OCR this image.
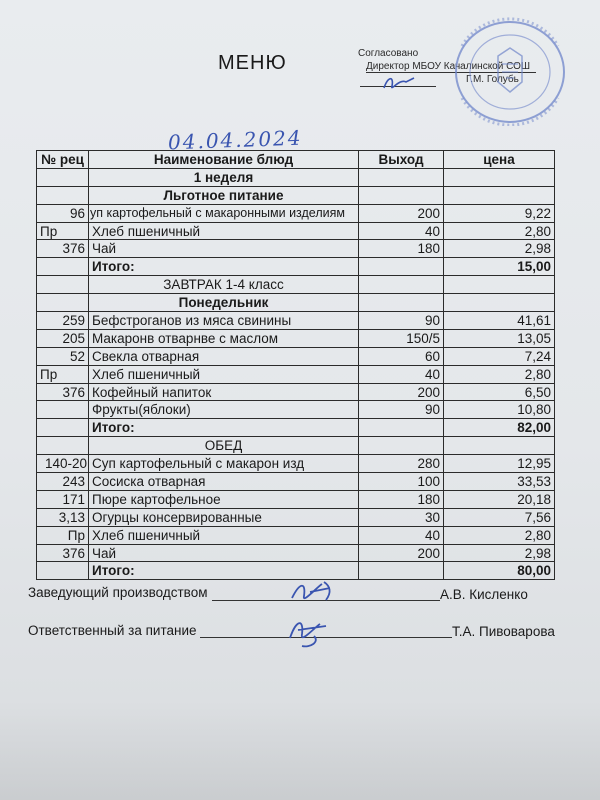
МЕНЮ	Согласовано
Директор МБОУ Качалинской СОШ
Г.М. Голубь
04.04.2024
№ рец	Наименование блюд	Выход	цена
	1 неделя		
	Льготное питание		
96	уп картофельный с макаронными изделиям	200	9,22
Пр	Хлеб пшеничный	40	2,80
376	Чай	180	2,98
	Итого:		15,00
	ЗАВТРАК 1-4 класс		
	Понедельник		
259	Бефстроганов из мяса свинины	90	41,61
205	Макаронв отварнве с маслом	150/5	13,05
52	Свекла отварная	60	7,24
Пр	Хлеб пшеничный	40	2,80
376	Кофейный напиток	200	6,50
	Фрукты(яблоки)	90	10,80
	Итого:		82,00
	ОБЕД		
140-20	Суп картофельный с макарон изд	280	12,95
243	Сосиска отварная	100	33,53
171	Пюре картофельное	180	20,18
3,13	Огурцы консервированные	30	7,56
Пр	Хлеб пшеничный	40	2,80
376	Чай	200	2,98
	Итого:		80,00
Заведующий производством	А.В. Кисленко
Ответственный за питание	Т.А. Пивоварова
